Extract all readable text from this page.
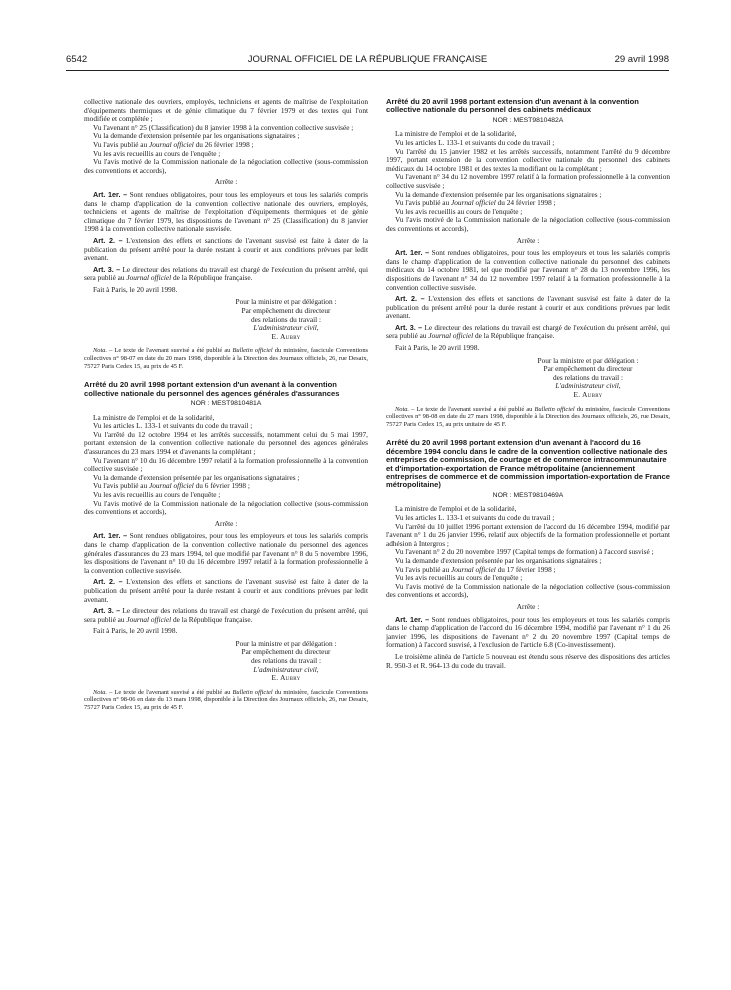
6542	JOURNAL OFFICIEL DE LA RÉPUBLIQUE FRANÇAISE	29 avril 1998

collective nationale des ouvriers, employés, techniciens et agents de maîtrise de l'exploitation d'équipements thermiques et de génie climatique du 7 février 1979 et des textes qui l'ont modifiée et complétée ;

Vu l'avenant n° 25 (Classification) du 8 janvier 1998 à la convention collective susvisée ;

Vu la demande d'extension présentée par les organisations signataires ;

Vu l'avis publié au Journal officiel du 26 février 1998 ;

Vu les avis recueillis au cours de l'enquête ;

Vu l'avis motivé de la Commission nationale de la négociation collective (sous-commission des conventions et accords),

Arrête :

Art. 1er. – Sont rendues obligatoires, pour tous les employeurs et tous les salariés compris dans le champ d'application de la convention collective nationale des ouvriers, employés, techniciens et agents de maîtrise de l'exploitation d'équipements thermiques et de génie climatique du 7 février 1979, les dispositions de l'avenant n° 25 (Classification) du 8 janvier 1998 à la convention collective nationale susvisée.

Art. 2. – L'extension des effets et sanctions de l'avenant susvisé est faite à dater de la publication du présent arrêté pour la durée restant à courir et aux conditions prévues par ledit avenant.

Art. 3. – Le directeur des relations du travail est chargé de l'exécution du présent arrêté, qui sera publié au Journal officiel de la République française.

Fait à Paris, le 20 avril 1998.

Pour la ministre et par délégation :

Par empêchement du directeur

des relations du travail :

L'administrateur civil,

E. Aubry

Nota. – Le texte de l'avenant susvisé a été publié au Bulletin officiel du ministère, fascicule Conventions collectives n° 98-07 en date du 20 mars 1998, disponible à la Direction des Journaux officiels, 26, rue Desaix, 75727 Paris Cedex 15, au prix de 45 F.

Arrêté du 20 avril 1998 portant extension d'un avenant à la convention collective nationale du personnel des agences générales d'assurances

NOR : MEST9810481A

La ministre de l'emploi et de la solidarité,

Vu les articles L. 133-1 et suivants du code du travail ;

Vu l'arrêté du 12 octobre 1994 et les arrêtés successifs, notamment celui du 5 mai 1997, portant extension de la convention collective nationale du personnel des agences générales d'assurances du 23 mars 1994 et d'avenants la complétant ;

Vu l'avenant n° 10 du 16 décembre 1997 relatif à la formation professionnelle à la convention collective susvisée ;

Vu la demande d'extension présentée par les organisations signataires ;

Vu l'avis publié au Journal officiel du 6 février 1998 ;

Vu les avis recueillis au cours de l'enquête ;

Vu l'avis motivé de la Commission nationale de la négociation collective (sous-commission des conventions et accords),

Arrête :

Art. 1er. – Sont rendues obligatoires, pour tous les employeurs et tous les salariés compris dans le champ d'application de la convention collective nationale du personnel des agences générales d'assurances du 23 mars 1994, tel que modifié par l'avenant n° 8 du 5 novembre 1996, les dispositions de l'avenant n° 10 du 16 décembre 1997 relatif à la formation professionnelle à la convention collective susvisée.

Art. 2. – L'extension des effets et sanctions de l'avenant susvisé est faite à dater de la publication du présent arrêté pour la durée restant à courir et aux conditions prévues par ledit avenant.

Art. 3. – Le directeur des relations du travail est chargé de l'exécution du présent arrêté, qui sera publié au Journal officiel de la République française.

Fait à Paris, le 20 avril 1998.

Pour la ministre et par délégation :

Par empêchement du directeur

des relations du travail :

L'administrateur civil,

E. Aubry

Nota. – Le texte de l'avenant susvisé a été publié au Bulletin officiel du ministère, fascicule Conventions collectives n° 98-06 en date du 13 mars 1998, disponible à la Direction des Journaux officiels, 26, rue Desaix, 75727 Paris Cedex 15, au prix de 45 F.

Arrêté du 20 avril 1998 portant extension d'un avenant à la convention collective nationale du personnel des cabinets médicaux

NOR : MEST9810482A

La ministre de l'emploi et de la solidarité,

Vu les articles L. 133-1 et suivants du code du travail ;

Vu l'arrêté du 15 janvier 1982 et les arrêtés successifs, notamment l'arrêté du 9 décembre 1997, portant extension de la convention collective nationale du personnel des cabinets médicaux du 14 octobre 1981 et des textes la modifiant ou la complétant ;

Vu l'avenant n° 34 du 12 novembre 1997 relatif à la formation professionnelle à la convention collective susvisée ;

Vu la demande d'extension présentée par les organisations signataires ;

Vu l'avis publié au Journal officiel du 24 février 1998 ;

Vu les avis recueillis au cours de l'enquête ;

Vu l'avis motivé de la Commission nationale de la négociation collective (sous-commission des conventions et accords),

Arrête :

Art. 1er. – Sont rendues obligatoires, pour tous les employeurs et tous les salariés compris dans le champ d'application de la convention collective nationale du personnel des cabinets médicaux du 14 octobre 1981, tel que modifié par l'avenant n° 28 du 13 novembre 1996, les dispositions de l'avenant n° 34 du 12 novembre 1997 relatif à la formation professionnelle à la convention collective susvisée.

Art. 2. – L'extension des effets et sanctions de l'avenant susvisé est faite à dater de la publication du présent arrêté pour la durée restant à courir et aux conditions prévues par ledit avenant.

Art. 3. – Le directeur des relations du travail est chargé de l'exécution du présent arrêté, qui sera publié au Journal officiel de la République française.

Fait à Paris, le 20 avril 1998.

Pour la ministre et par délégation :

Par empêchement du directeur

des relations du travail :

L'administrateur civil,

E. Aubry

Nota. – Le texte de l'avenant susvisé a été publié au Bulletin officiel du ministère, fascicule Conventions collectives n° 98-08 en date du 27 mars 1998, disponible à la Direction des Journaux officiels, 26, rue Desaix, 75727 Paris Cedex 15, au prix unitaire de 45 F.

Arrêté du 20 avril 1998 portant extension d'un avenant à l'accord du 16 décembre 1994 conclu dans le cadre de la convention collective nationale des entreprises de commission, de courtage et de commerce intracommunautaire et d'importation-exportation de France métropolitaine (anciennement entreprises de commerce et de commission importation-exportation de France métropolitaine)

NOR : MEST9810469A

La ministre de l'emploi et de la solidarité,

Vu les articles L. 133-1 et suivants du code du travail ;

Vu l'arrêté du 10 juillet 1996 portant extension de l'accord du 16 décembre 1994, modifié par l'avenant n° 1 du 26 janvier 1996, relatif aux objectifs de la formation professionnelle et portant adhésion à Intergros ;

Vu l'avenant n° 2 du 20 novembre 1997 (Capital temps de formation) à l'accord susvisé ;

Vu la demande d'extension présentée par les organisations signataires ;

Vu l'avis publié au Journal officiel du 17 février 1998 ;

Vu les avis recueillis au cours de l'enquête ;

Vu l'avis motivé de la Commission nationale de la négociation collective (sous-commission des conventions et accords),

Arrête :

Art. 1er. – Sont rendues obligatoires, pour tous les employeurs et tous les salariés compris dans le champ d'application de l'accord du 16 décembre 1994, modifié par l'avenant n° 1 du 26 janvier 1996, les dispositions de l'avenant n° 2 du 20 novembre 1997 (Capital temps de formation) à l'accord susvisé, à l'exclusion de l'article 6.8 (Co-investissement).

Le troisième alinéa de l'article 5 nouveau est étendu sous réserve des dispositions des articles R. 950-3 et R. 964-13 du code du travail.
